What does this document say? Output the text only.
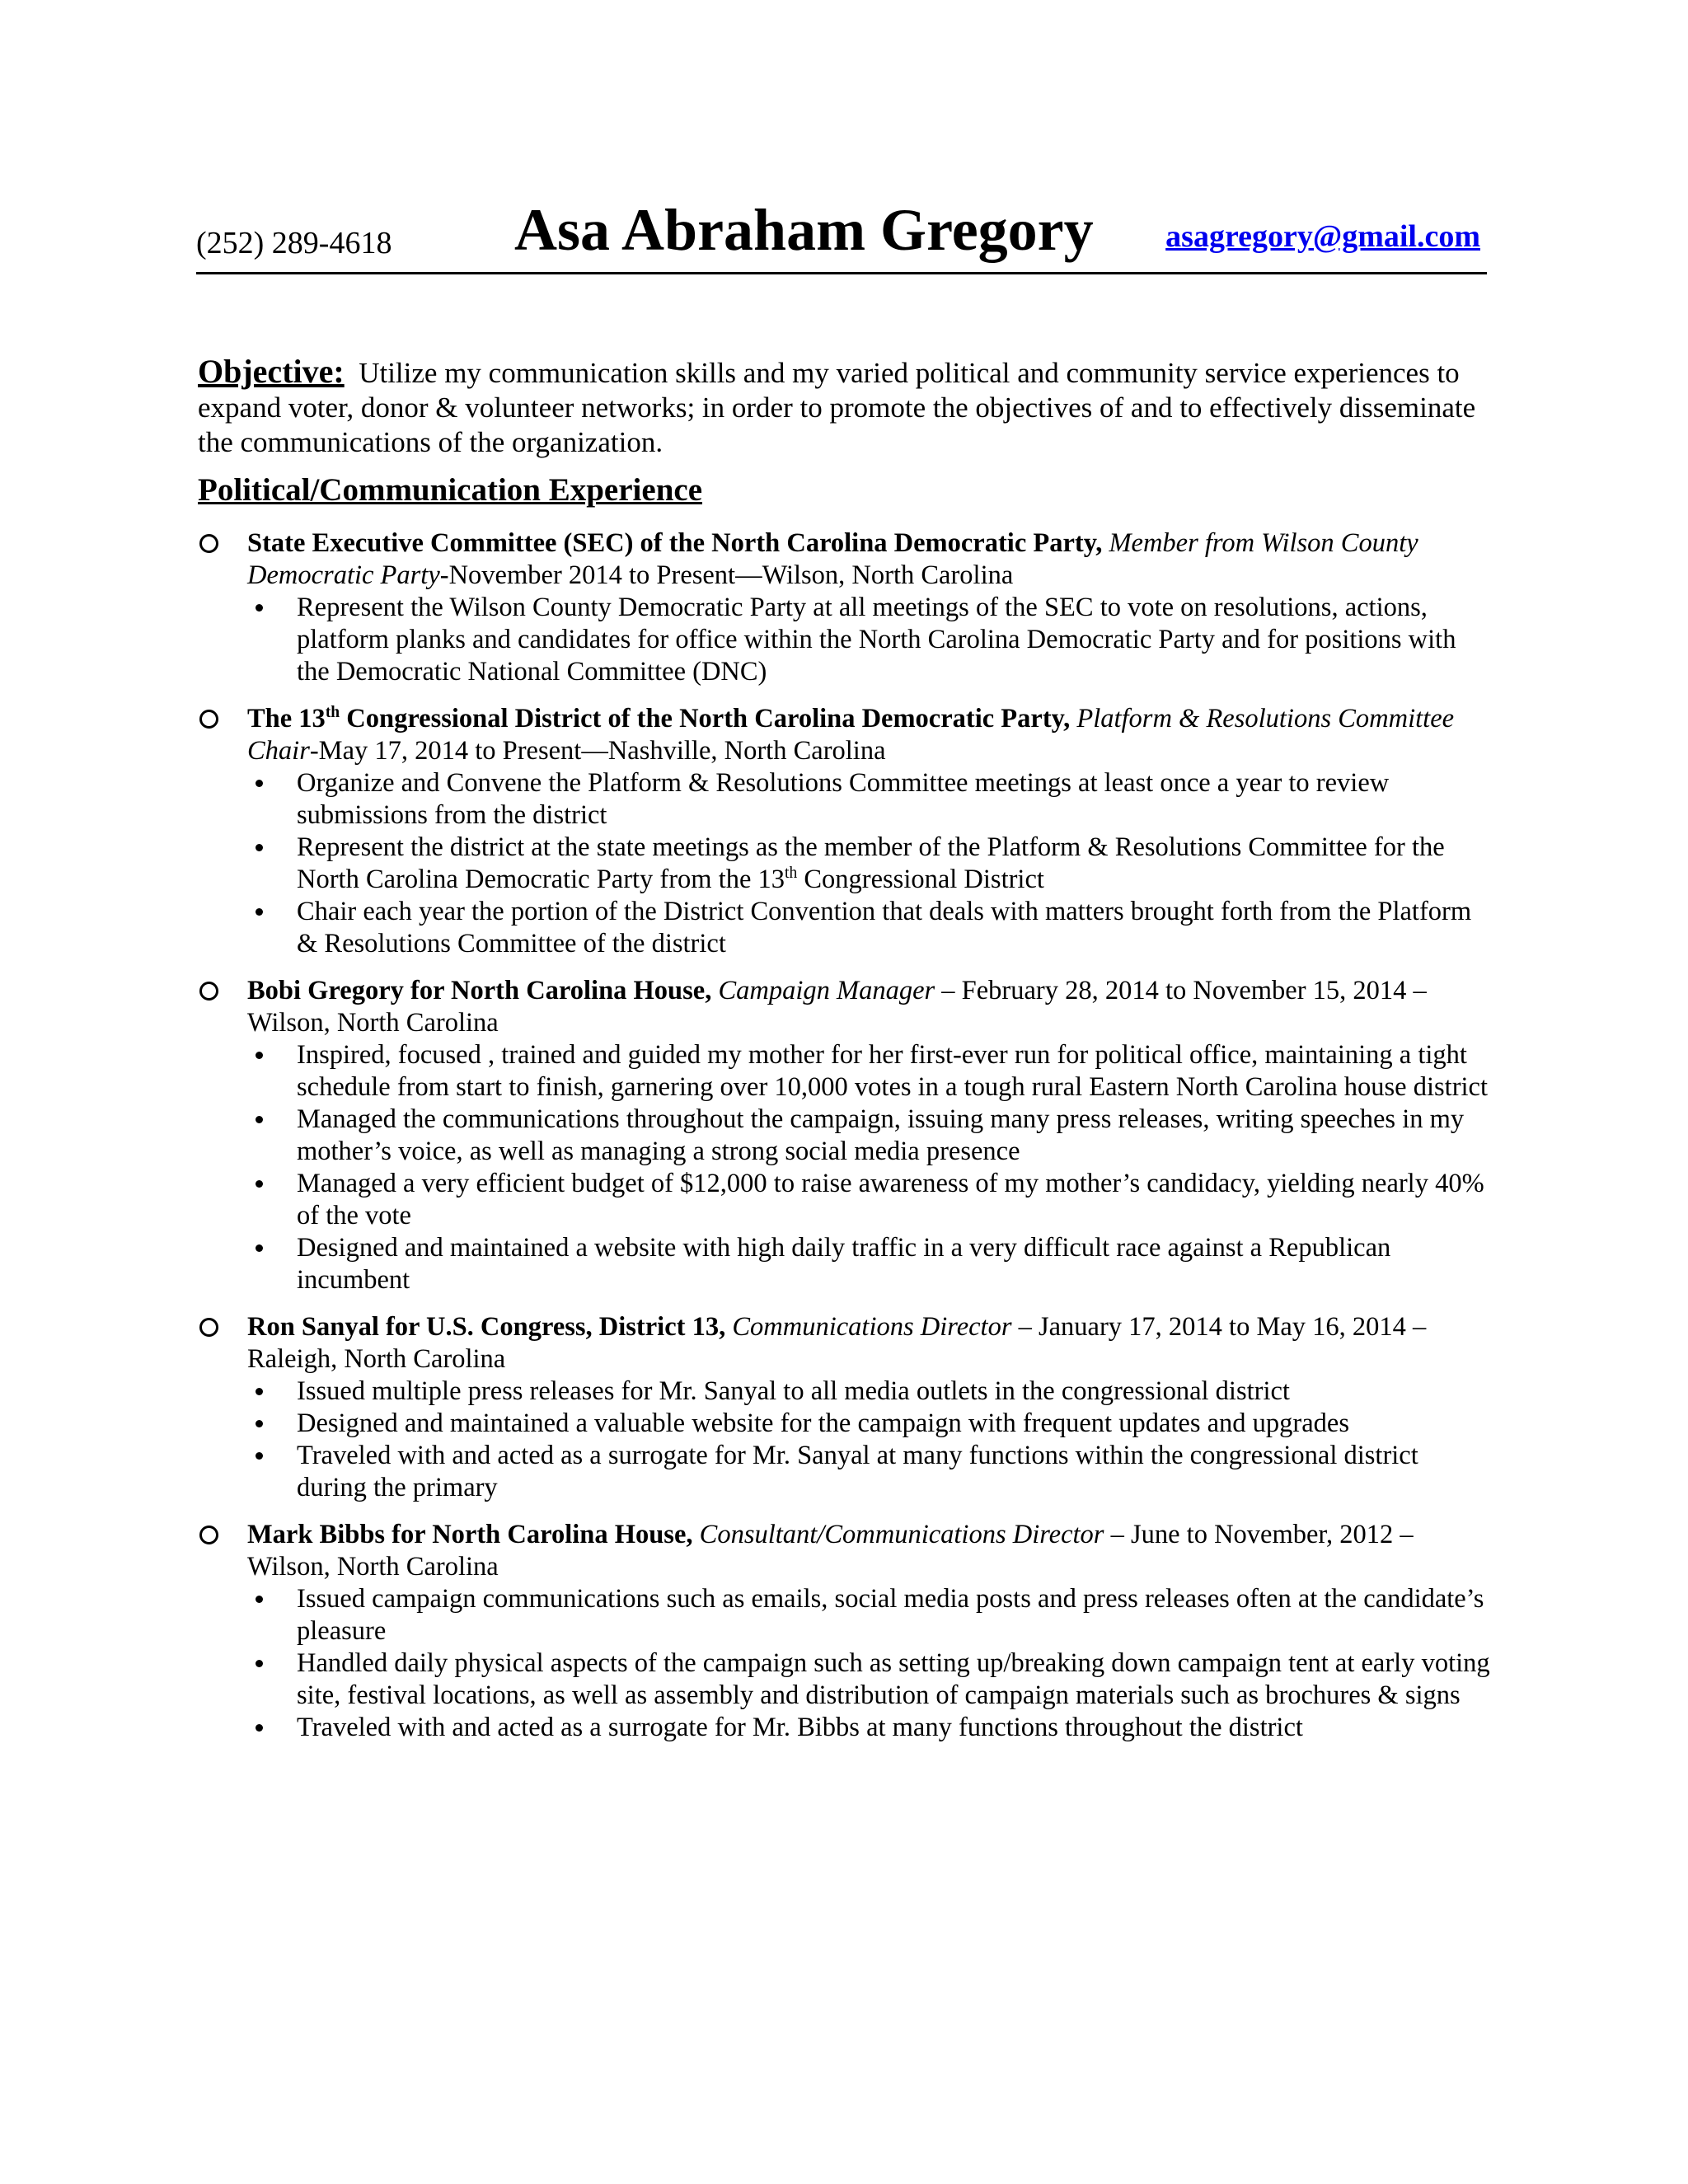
(252) 289-4618 Asa Abraham Gregory asagregory@gmail.com
Objective: Utilize my communication skills and my varied political and community service experiences to expand voter, donor & volunteer networks; in order to promote the objectives of and to effectively disseminate the communications of the organization.
Political/Communication Experience
State Executive Committee (SEC) of the North Carolina Democratic Party, Member from Wilson County Democratic Party-November 2014 to Present—Wilson, North Carolina
Represent the Wilson County Democratic Party at all meetings of the SEC to vote on resolutions, actions, platform planks and candidates for office within the North Carolina Democratic Party and for positions with the Democratic National Committee (DNC)
The 13th Congressional District of the North Carolina Democratic Party, Platform & Resolutions Committee Chair-May 17, 2014 to Present—Nashville, North Carolina
Organize and Convene the Platform & Resolutions Committee meetings at least once a year to review submissions from the district
Represent the district at the state meetings as the member of the Platform & Resolutions Committee for the North Carolina Democratic Party from the 13th Congressional District
Chair each year the portion of the District Convention that deals with matters brought forth from the Platform & Resolutions Committee of the district
Bobi Gregory for North Carolina House, Campaign Manager – February 28, 2014 to November 15, 2014 – Wilson, North Carolina
Inspired, focused , trained and guided my mother for her first-ever run for political office, maintaining a tight schedule from start to finish, garnering over 10,000 votes in a tough rural Eastern North Carolina house district
Managed the communications throughout the campaign, issuing many press releases, writing speeches in my mother’s voice, as well as managing a strong social media presence
Managed a very efficient budget of $12,000 to raise awareness of my mother’s candidacy, yielding nearly 40% of the vote
Designed and maintained a website with high daily traffic in a very difficult race against a Republican incumbent
Ron Sanyal for U.S. Congress, District 13, Communications Director – January 17, 2014 to May 16, 2014 – Raleigh, North Carolina
Issued multiple press releases for Mr. Sanyal to all media outlets in the congressional district
Designed and maintained a valuable website for the campaign with frequent updates and upgrades
Traveled with and acted as a surrogate for Mr. Sanyal at many functions within the congressional district during the primary
Mark Bibbs for North Carolina House, Consultant/Communications Director – June to November, 2012 – Wilson, North Carolina
Issued campaign communications such as emails, social media posts and press releases often at the candidate’s pleasure
Handled daily physical aspects of the campaign such as setting up/breaking down campaign tent at early voting site, festival locations, as well as assembly and distribution of campaign materials such as brochures & signs
Traveled with and acted as a surrogate for Mr. Bibbs at many functions throughout the district
